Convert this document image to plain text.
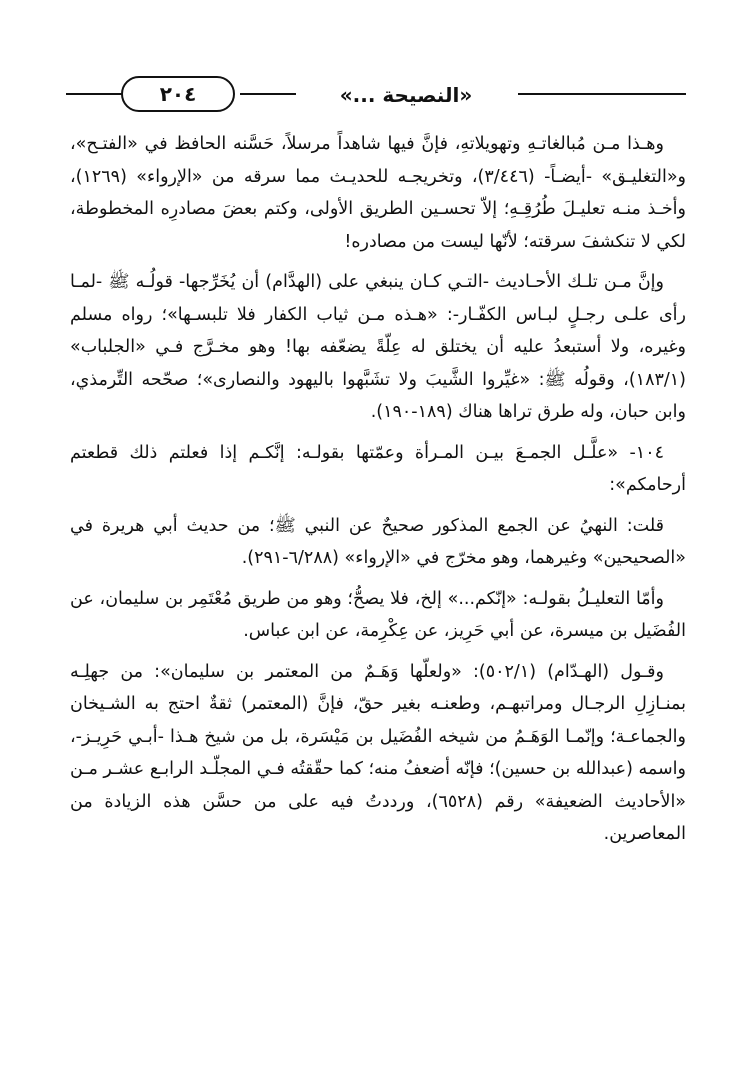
٢٠٤	«النصيحة ...»

وهـذا مـن مُبالغاتـهِ وتهويلاتهِ، فإنَّ فيها شاهداً مرسلاً، حَسَّنه الحافظ في «الفتـح»، و«التغليـق» -أيضـاً- (٣/٤٤٦)، وتخريجـه للحديـث مما سرقه من «الإرواء» (١٢٦٩)، وأخـذ منـه تعليـلَ طُرُقِـهِ؛ إلاّ تحسـين الطريق الأولى، وكتم بعضَ مصادرِه المخطوطة، لكي لا تنكشفَ سرقته؛ لأنّها ليست من مصادره!

وإنَّ مـن تلـك الأحـاديث -التـي كـان ينبغي على (الهدَّام) أن يُخَرِّجها- قولُـه ﷺ -لمـا رأى علـى رجـلٍ لبـاس الكفّـار-: «هـذه مـن ثياب الكفار فلا تلبسـها»؛ رواه مسلم وغيره، ولا أستبعدُ عليه أن يختلق له عِلّةً يضعّفه بها! وهو مخـرَّج فـي «الجلباب» (١٨٣/١)، وقولُه ﷺ: «غيِّروا الشَّيبَ ولا تشَبَّهوا باليهود والنصارى»؛ صحّحه التِّرمذي، وابن حبان، وله طرق تراها هناك (١٨٩-١٩٠).

١٠٤- «علَّـل الجمـعَ بيـن المـرأة وعمّتها بقولـه: إنَّكـم إذا فعلتم ذلك قطعتم أرحامكم»:

قلت: النهيُ عن الجمع المذكور صحيحٌ عن النبي ﷺ؛ من حديث أبي هريرة في «الصحيحين» وغيرهما، وهو مخرّج في «الإرواء» (٦/٢٨٨-٢٩١).

وأمّا التعليـلُ بقولـه: «إنّكم...» إلخ، فلا يصحُّ؛ وهو من طريق مُعْتَمِر بن سليمان، عن الفُضَيل بن ميسرة، عن أبي حَرِيز، عن عِكْرِمة، عن ابن عباس.

وقـول (الهـدّام) (٥٠٢/١): «ولعلّها وَهَـمٌ من المعتمر بن سليمان»: من جهلِـه بمنـازِلِ الرجـال ومراتبهـم، وطعنـه بغير حقّ، فإنَّ (المعتمر) ثقةٌ احتج به الشـيخان والجماعـة؛ وإنّمـا الوَهَـمُ من شيخه الفُضَيل بن مَيْسَرة، بل من شيخ هـذا -أبـي حَرِيـز-، واسمه (عبدالله بن حسين)؛ فإنّه أضعفُ منه؛ كما حقّقتُه فـي المجلّـد الرابـع عشـر مـن «الأحاديث الضعيفة» رقم (٦٥٢٨)، ورددتُ فيه على من حسَّن هذه الزيادة من المعاصرين.
